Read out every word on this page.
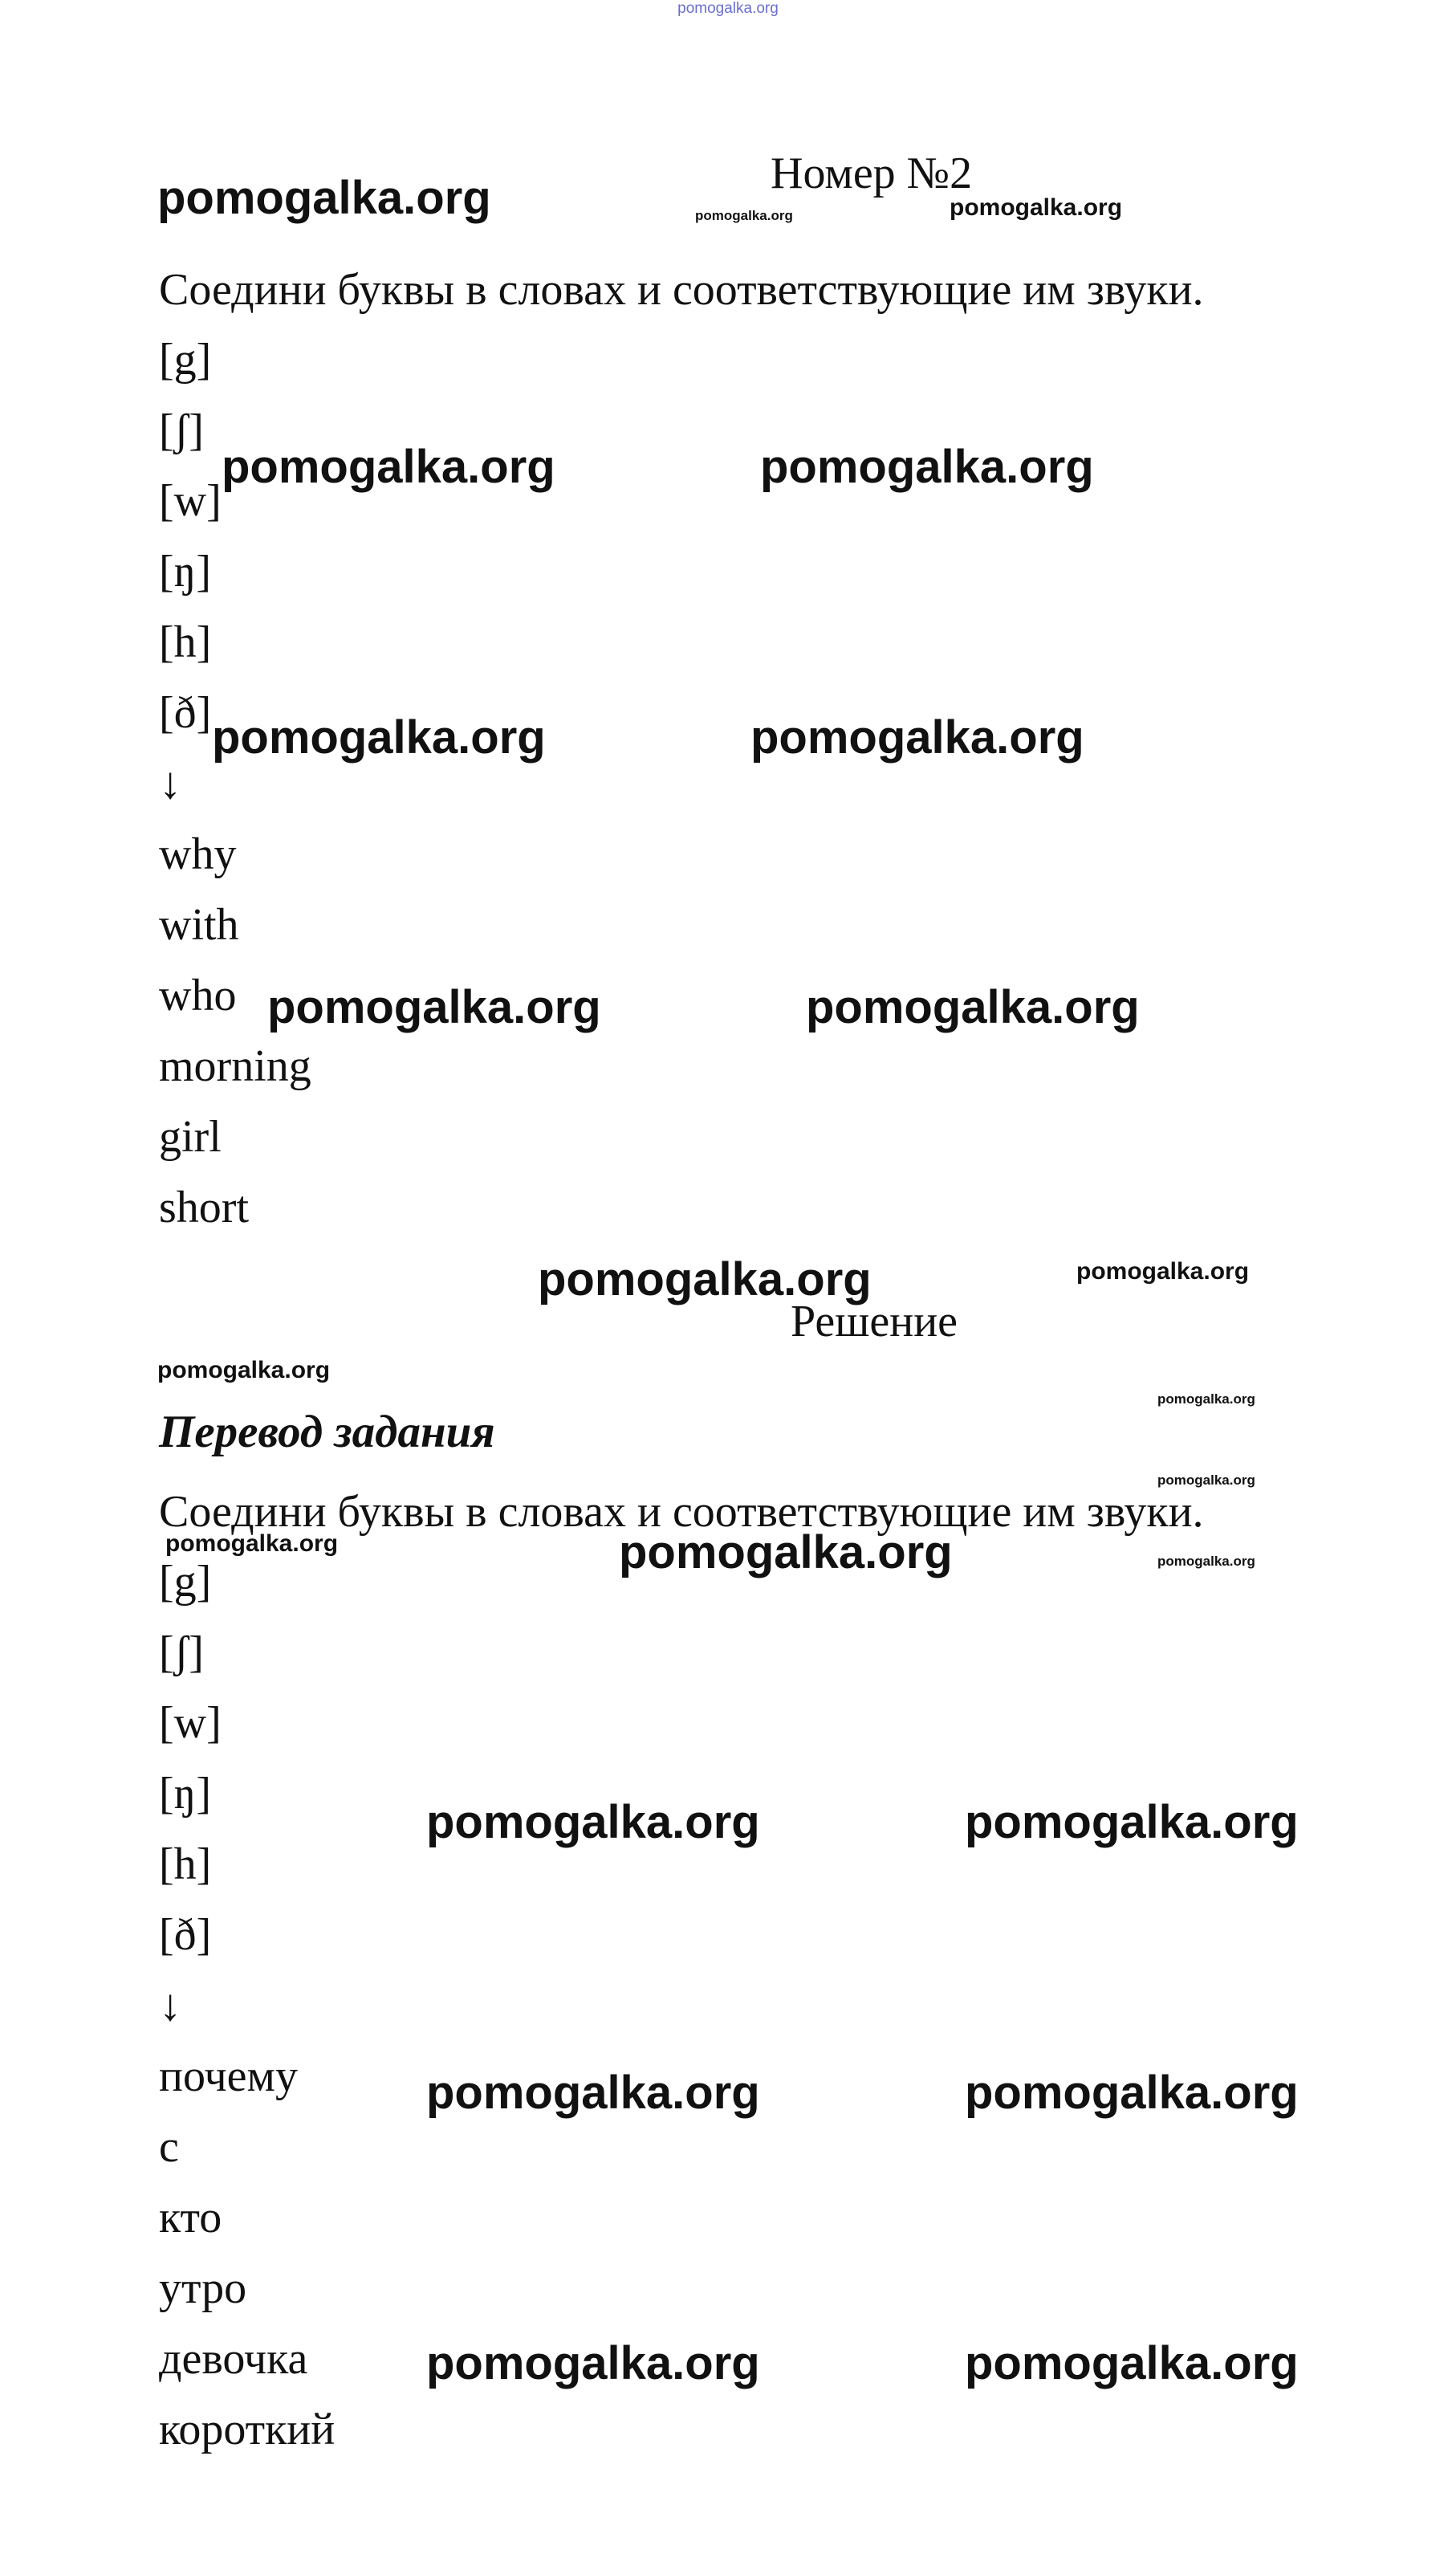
pomogalka.org
Номер №2
Соедини буквы в словах и соответствующие им звуки.
[g]
[ʃ]
[w]
[ŋ]
[h]
[ð]
↓
why
with
who
morning
girl
short
Решение
Перевод задания
Соедини буквы в словах и соответствующие им звуки.
[g]
[ʃ]
[w]
[ŋ]
[h]
[ð]
↓
почему
с
кто
утро
девочка
короткий
pomogalka.org	pomogalka.org	pomogalka.org
pomogalka.org	pomogalka.org
pomogalka.org	pomogalka.org
pomogalka.org	pomogalka.org
pomogalka.org	pomogalka.org
pomogalka.org
pomogalka.org
pomogalka.org
pomogalka.org	pomogalka.org	pomogalka.org
pomogalka.org	pomogalka.org
pomogalka.org	pomogalka.org
pomogalka.org	pomogalka.org
